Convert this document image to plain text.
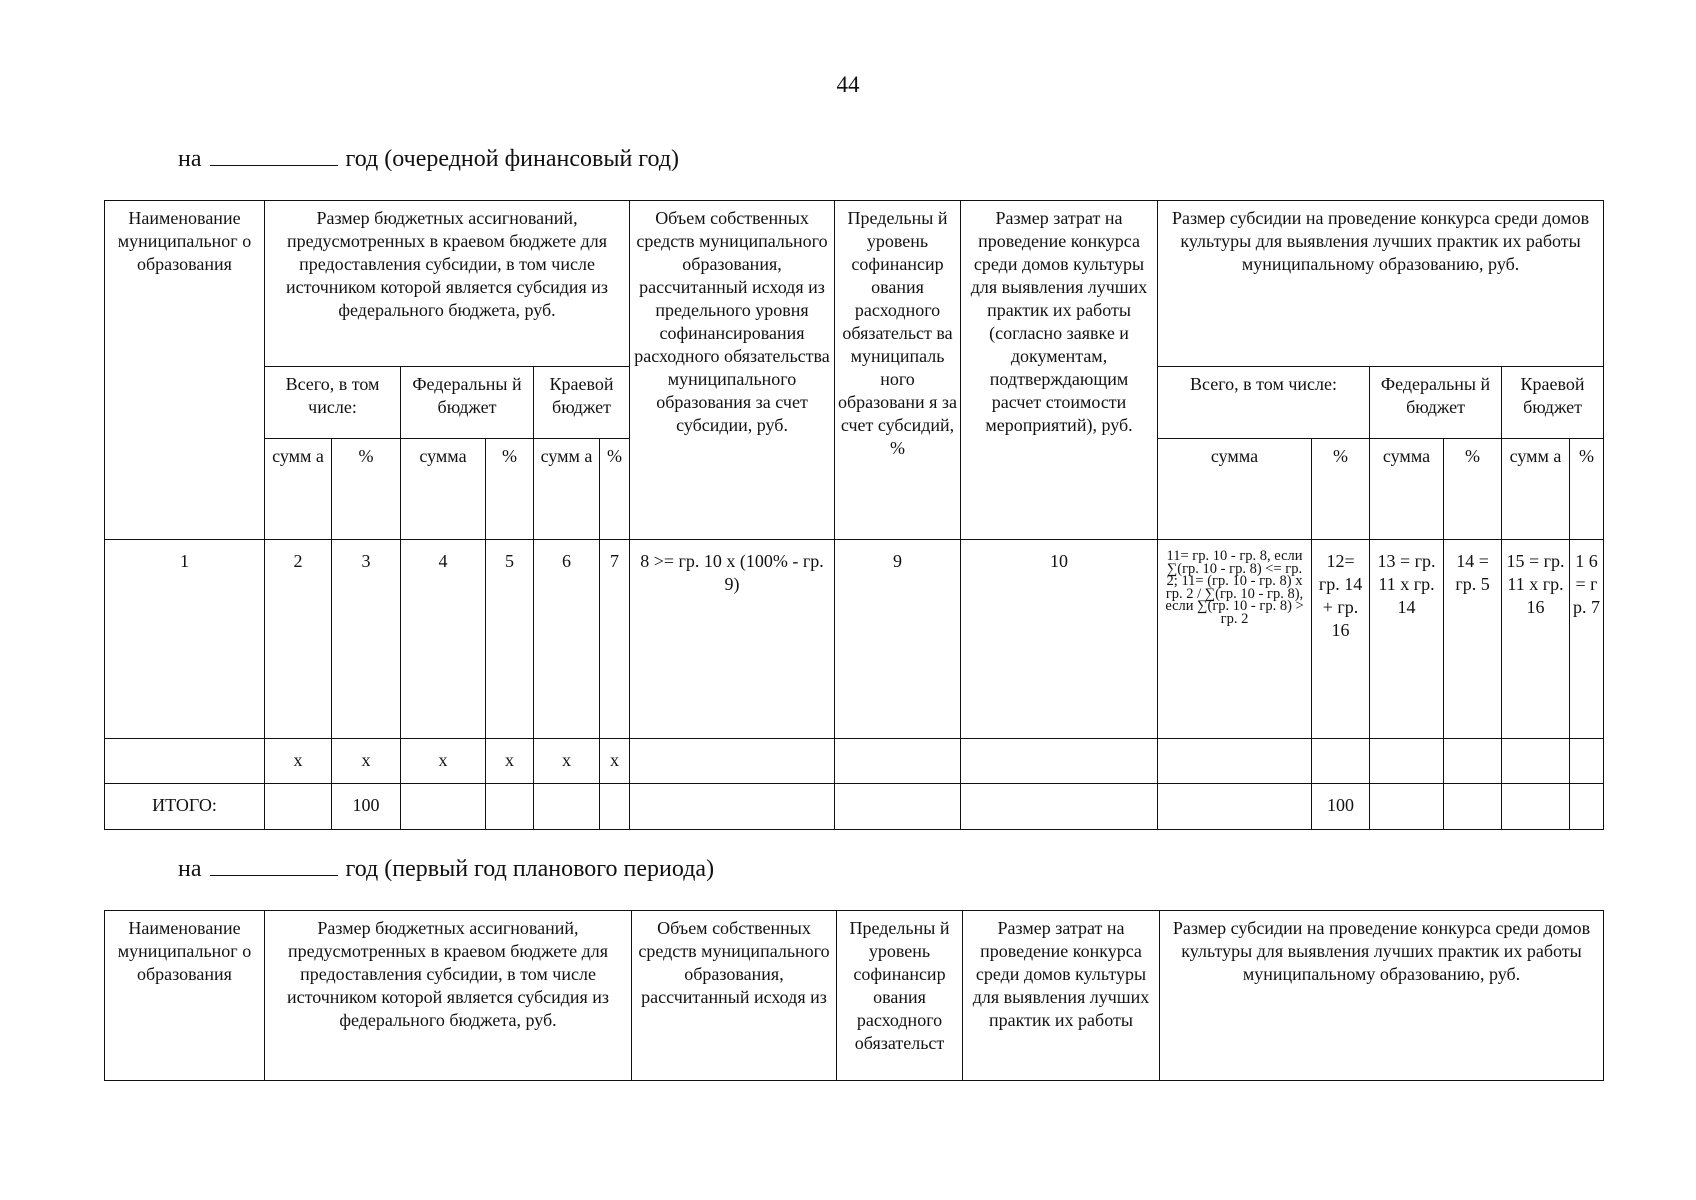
44
на	год (очередной финансовый год)
Наименование муниципальног о образования	Размер бюджетных ассигнований, предусмотренных в краевом бюджете для предоставления субсидии, в том числе источником которой является субсидия из федерального бюджета, руб.						Объем собственных средств муниципального образования, рассчитанный исходя из предельного уровня софинансирования расходного обязательства муниципального образования за счет субсидии, руб.	Предельны й уровень софинансир ования расходного обязательст ва муниципаль ного образовани я за счет субсидий, %	Размер затрат на проведение конкурса среди домов культуры для выявления лучших практик их работы (согласно заявке и документам, подтверждающим расчет стоимости мероприятий), руб.	Размер субсидии на проведение конкурса среди домов культуры для выявления лучших практик их работы муниципальному образованию, руб.					
	Всего, в том числе:		Федеральны й бюджет		Краевой бюджет					Всего, в том числе:		Федеральны й бюджет		Краевой бюджет	
	сумм а	%	сумма	%	сумм а	%				сумма	%	сумма	%	сумм а	%
1	2	3	4	5	6	7	8 >= гр. 10 х (100% - гр. 9)	9	10	11= гр. 10 - гр. 8, если ∑(гр. 10 - гр. 8) <= гр. 2; 11= (гр. 10 - гр. 8) х гр. 2 / ∑(гр. 10 - гр. 8), если ∑(гр. 10 - гр. 8) > гр. 2	12= гр. 14 + гр. 16	13 = гр. 11 х гр. 14	14 = гр. 5	15 = гр. 11 х гр. 16	1 6 = г р. 7
	х	х	х	х	х	х									
ИТОГО:		100									100				
на	год (первый год планового периода)
Наименование муниципальног о образования	Размер бюджетных ассигнований, предусмотренных в краевом бюджете для предоставления субсидии, в том числе источником которой является субсидия из федерального бюджета, руб.	Объем собственных средств муниципального образования, рассчитанный исходя из	Предельны й уровень софинансир ования расходного обязательст	Размер затрат на проведение конкурса среди домов культуры для выявления лучших практик их работы	Размер субсидии на проведение конкурса среди домов культуры для выявления лучших практик их работы муниципальному образованию, руб.
